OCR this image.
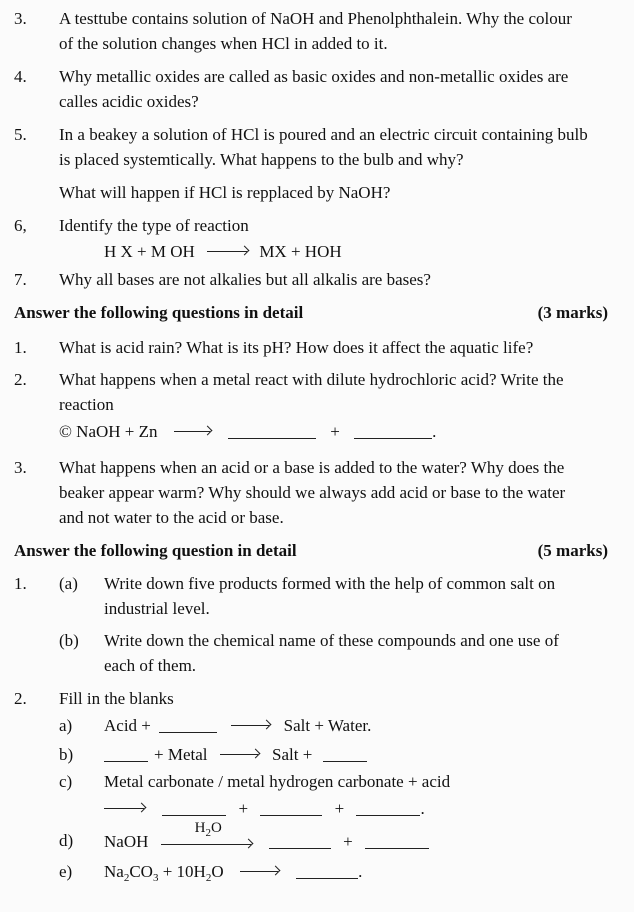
3. A testtube contains solution of NaOH and Phenolphthalein. Why the colour
of the solution changes when HCl in added to it.
4. Why metallic oxides are called as basic oxides and non-metallic oxides are
calles acidic oxides?
5. In a beakey a solution of HCl is poured and an electric circuit containing bulb
is placed systemtically. What happens to the bulb and why?
What will happen if HCl is repplaced by NaOH?
6, Identify the type of reaction
H X + M OH	MX + HOH
7. Why all bases are not alkalies but all alkalis are bases?
Answer the following questions in detail	(3 marks)
1. What is acid rain? What is its pH? How does it affect the aquatic life?
2. What happens when a metal react with dilute hydrochloric acid? Write the
reaction
© NaOH + Zn	+	.
3. What happens when an acid or a base is added to the water? Why does the
beaker appear warm? Why should we always add acid or base to the water
and not water to the acid or base.
Answer the following question in detail	(5 marks)
1. (a) Write down five products formed with the help of common salt on
industrial level.
(b) Write down the chemical name of these compounds and one use of
each of them.
2. Fill in the blanks
a) Acid +	Salt + Water.
b)	+ Metal	Salt +
c) Metal carbonate / metal hydrogen carbonate + acid
+	+	.
d) NaOH
$H_2O$
+
e) $Na_2CO_3 + 10H_2O$	.
